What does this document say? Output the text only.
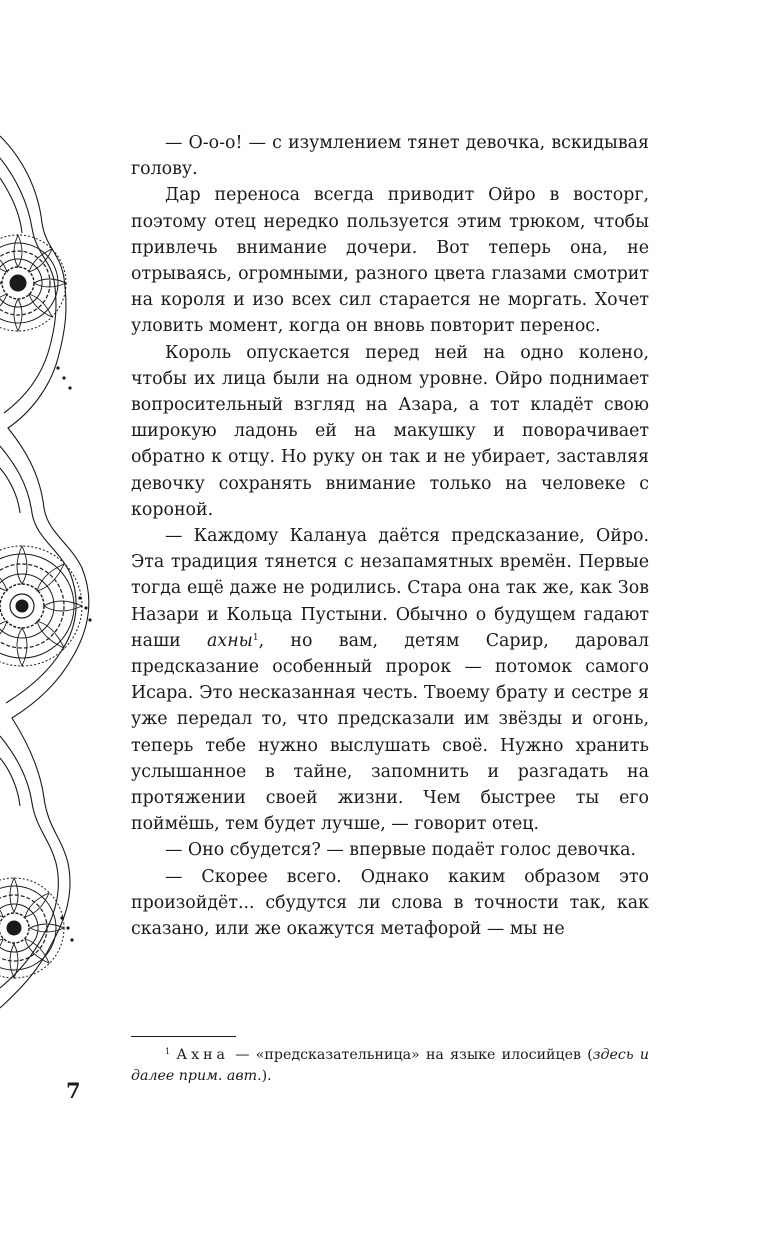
— О-о-о! — с изумлением тянет девочка, вскидывая голову.

Дар переноса всегда приводит Ойро в восторг, поэтому отец нередко пользуется этим трюком, чтобы привлечь внимание дочери. Вот теперь она, не отрываясь, огромными, разного цвета глазами смотрит на короля и изо всех сил старается не моргать. Хочет уловить момент, когда он вновь повторит перенос.

Король опускается перед ней на одно колено, чтобы их лица были на одном уровне. Ойро поднимает вопросительный взгляд на Азара, а тот кладёт свою широкую ладонь ей на макушку и поворачивает обратно к отцу. Но руку он так и не убирает, заставляя девочку сохранять внимание только на человеке с короной.

— Каждому Калануа даётся предсказание, Ойро. Эта традиция тянется с незапамятных времён. Первые тогда ещё даже не родились. Стара она так же, как Зов Назари и Кольца Пустыни. Обычно о будущем гадают наши ахны$^1$, но вам, детям Сарир, даровал предсказание особенный пророк — потомок самого Исара. Это несказанная честь. Твоему брату и сестре я уже передал то, что предсказали им звёзды и огонь, теперь тебе нужно выслушать своё. Нужно хранить услышанное в тайне, запомнить и разгадать на протяжении своей жизни. Чем быстрее ты его поймёшь, тем будет лучше, — говорит отец.

— Оно сбудется? — впервые подаёт голос девочка.

— Скорее всего. Однако каким образом это произойдёт... сбудутся ли слова в точности так, как сказано, или же окажутся метафорой — мы не

$^1$ Ахна — «предсказательница» на языке илосийцев (здесь и далее прим. авт.).

7
